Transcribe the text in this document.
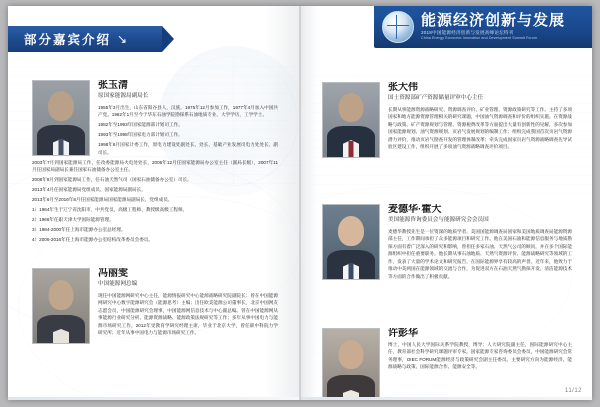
部分嘉宾介绍 ↘
张玉清
原国家能源局副局长

1955年3月出生，山东省阳谷县人，汉族。1975年12月参加工作，1977年4月加入中国共产党。1982年1月至今于华东石油学院勘探系石油地质专业、大学学历，工学学士。

1982年至1993年国家能源部计划司工作。

1993年至1998年国家电力部计划司工作。

1998年6月国家计委工作，原电力建设处副处长、处长，基础产业发展司电力处处长、副司长。

2003年7月到国家能源局工作，任改委能源局火电处处长，2005年12月任国家能源局办公室主任（副局长级），2007年11月任国家局副局长兼任国家石油储备办公室主任。

2008年8月到国家能源局工作，任石油天然气司（国家石油储备办公室）司长。

2013年4月任国家能源局党组成员、国家能源局副局长。

2013年6月至2016年8月任国家能源局国家能源局副局长、党组成员。

1）1964年生于辽宁省沈阳市，中共党员，高级工程师、教授级高级工程师。

2）1966年任职天津大学国际能源管理。

3）1984-2000年任上海市能源办公室总经理。

4）2006-2016年任上海市能源办公室结构改革委员会委员。

冯丽雯
中国能源网总编

现任中国能源网研究中心主任，能源情报研究中心能源战略研究院副院长；曾在中国能源网研究中心数字能源研究会（能源思考）主编；出任欧美能源公司董事长，北京中国网友志愿会员，中国能源研究会理事，中国能源网信息技术与中心副总编。曾在中国能源网从事能源行业研究分析、能源资源战略、能源政策法规研究等工作；多年从事中国电力与能源市场研究工作。2012年受教育学研究经理主席，毕业于北京大学，曾任职中科院力学研究所；近年从事中国电力与能源市场研究工作。

能源经济创新与发展
2018中国能源经济创新与发展高峰论坛特刊
China Energy Economic Innovation and Development Summit Forum
张大伟
国土资源部矿产资源储量评审中心主任

长期从事能源资源战略研究、资源调查评价、矿业管理、资源政策研究等工作。主持了多项国家和地方能源资源管理相关的研究课题，中国油气资源调查和评价的组织实施。在资源战略与政策、矿产资源规划与管理、资源税费改革等方面提出大量有创新性的见解，多次参加国家能源规划、油气资源规划、页岩气发展规划的编制工作；组织完成我国首次页岩气资源潜力评价，推动页岩气勘查开发的管理体制改革；牵头完成国家页岩气资源战略调查先导试验区建设工作，组织开展了多项油气资源战略调查评价项目。

麦德华·霍大
美国能源咨询委员会与能源研究会会员国

麦德华教授先生是一位资深的地质学者，美国国能源调查局国家和美国地质调查局能源资源部主任，工作期间承担了众多能源项目和研究工作。他在美国石油和能源信息服务与地质勘探方面有着广泛深入的研究和影响，曾担任多家石油、天然气公司的顾问，并在多个国际能源组织中担任重要职务。他长期从事石油地质、天然气资源评价、能源战略研究等领域的工作，发表了大量的学术论文和研究报告，在国际能源界享有较高的声誉。近年来，他致力于推动中美两国在能源领域的交流与合作，为促进双方在石油天然气勘探开发、清洁能源技术等方面的合作做出了积极贡献。

许彭华

博士，中国人民大学国际关系学院教授，博导；人大研究院副主任，国际能源研究中心主任，教育部社会科学研究课题评审专家。国家能源专家咨询委员会委员，中国能源研究会常务理事，OIEC FORUM能源经济与政策研究会副主任委员。主要研究方向为能源经济、能源战略与政策、国际能源合作、能源安全等。

11/12
